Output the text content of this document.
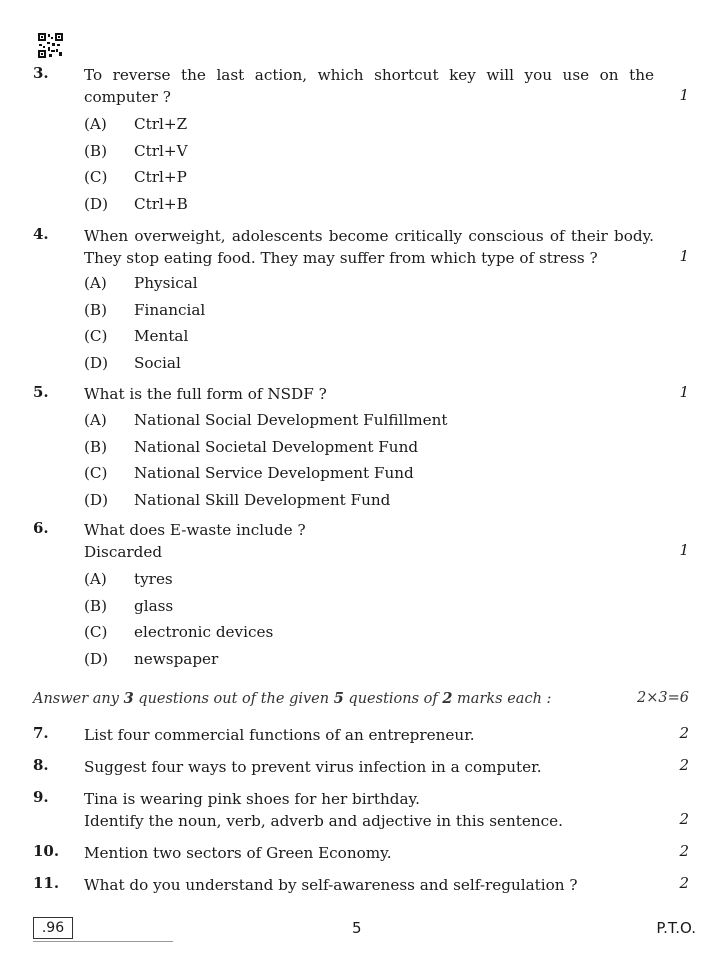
3. To reverse the last action, which shortcut key will you use on the computer ?	1
(A) Ctrl+Z
(B) Ctrl+V
(C) Ctrl+P
(D) Ctrl+B
4. When overweight, adolescents become critically conscious of their body. They stop eating food. They may suffer from which type of stress ?	1
(A) Physical
(B) Financial
(C) Mental
(D) Social
5. What is the full form of NSDF ?	1
(A) National Social Development Fulfillment
(B) National Societal Development Fund
(C) National Service Development Fund
(D) National Skill Development Fund
6. What does E-waste include ?
Discarded	1
(A) tyres
(B) glass
(C) electronic devices
(D) newspaper
Answer any 3 questions out of the given 5 questions of 2 marks each :	2×3=6
7. List four commercial functions of an entrepreneur.	2
8. Suggest four ways to prevent virus infection in a computer.	2
9. Tina is wearing pink shoes for her birthday.
Identify the noun, verb, adverb and adjective in this sentence.	2
10. Mention two sectors of Green Economy.	2
11. What do you understand by self-awareness and self-regulation ?	2
.96	5	P.T.O.
